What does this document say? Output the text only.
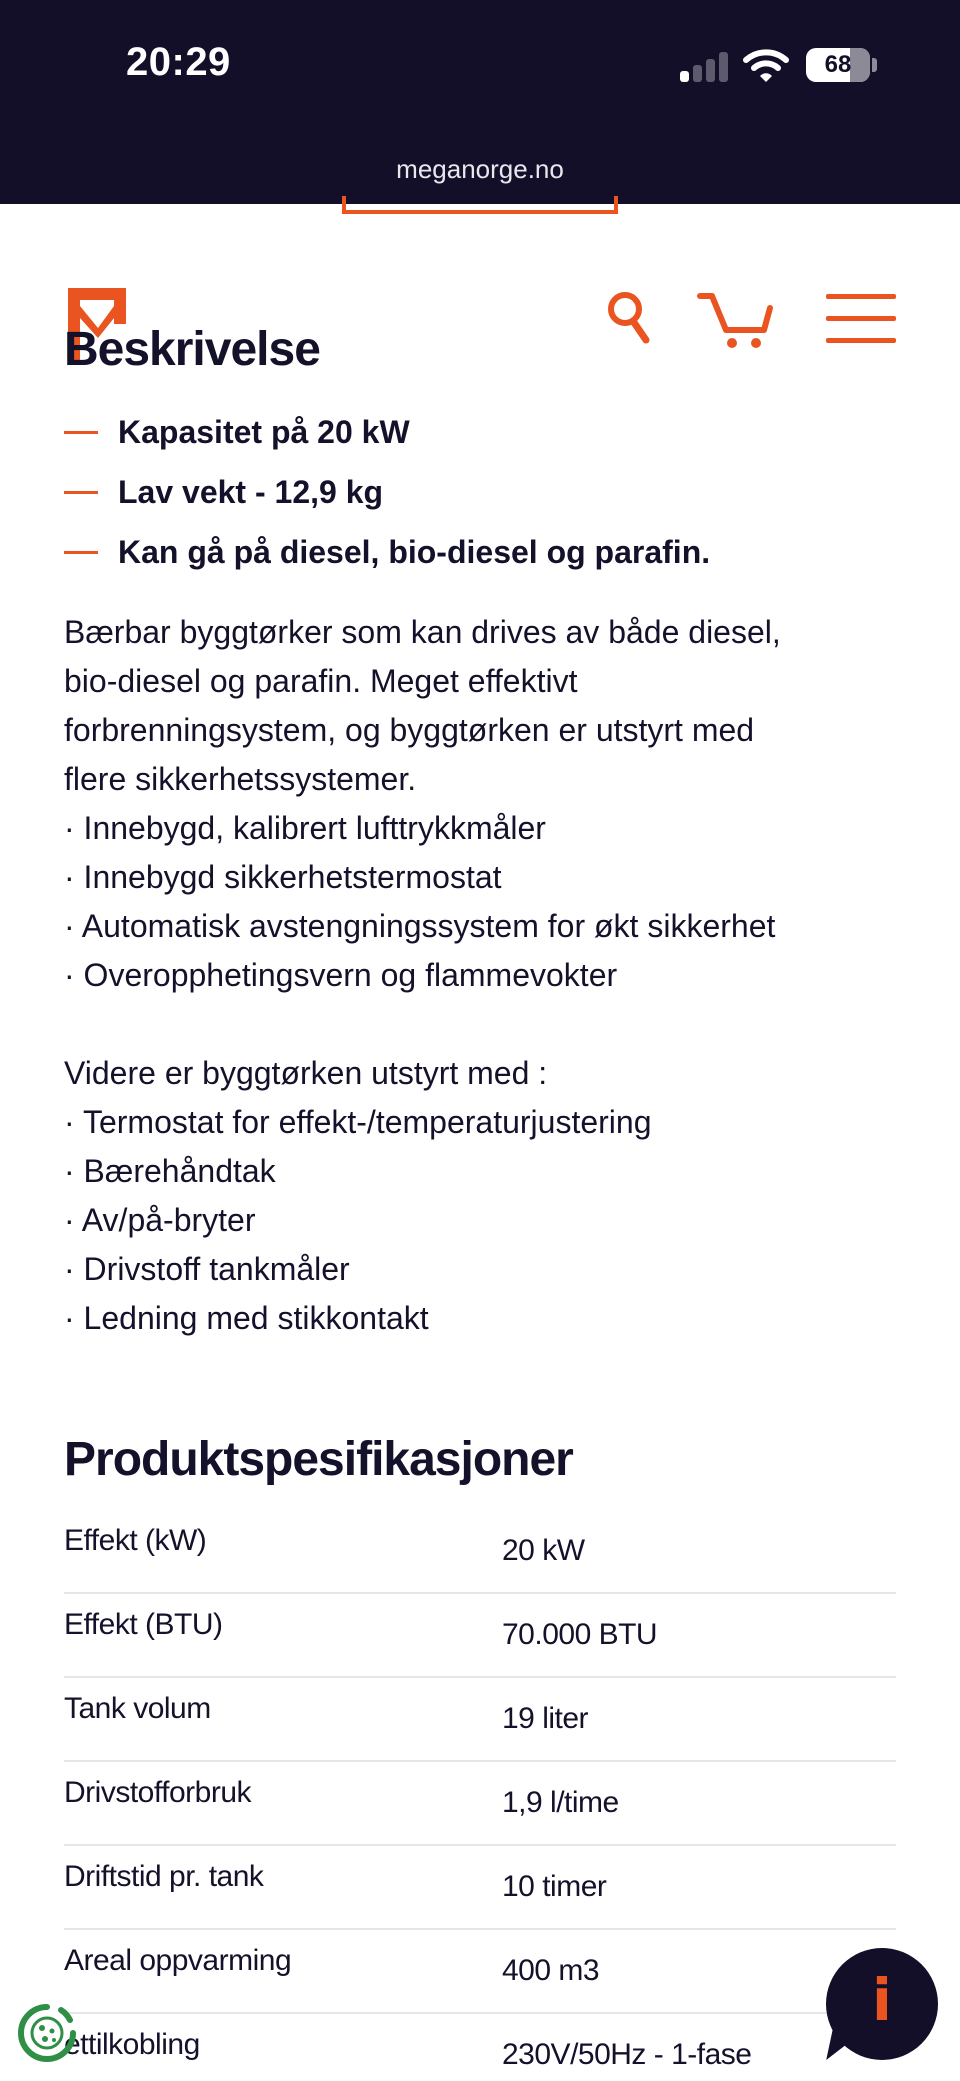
20:29	68
meganorge.no
Beskrivelse
Kapasitet på 20 kW
Lav vekt - 12,9 kg
Kan gå på diesel, bio-diesel og parafin.
Bærbar byggtørker som kan drives av både diesel,
bio-diesel og parafin. Meget effektivt
forbrenningsystem, og byggtørken er utstyrt med
flere sikkerhetssystemer.
· Innebygd, kalibrert lufttrykkmåler
· Innebygd sikkerhetstermostat
· Automatisk avstengningssystem for økt sikkerhet
· Overopphetingsvern og flammevokter

Videre er byggtørken utstyrt med :
· Termostat for effekt-/temperaturjustering
· Bærehåndtak
· Av/på-bryter
· Drivstoff tankmåler
· Ledning med stikkontakt
Produktspesifikasjoner
Effekt (kW)	20 kW
Effekt (BTU)	70.000 BTU
Tank volum	19 liter
Drivstofforbruk	1,9 l/time
Driftstid pr. tank	10 timer
Areal oppvarming	400 m3
ettilkobling	230V/50Hz - 1-fase
i
